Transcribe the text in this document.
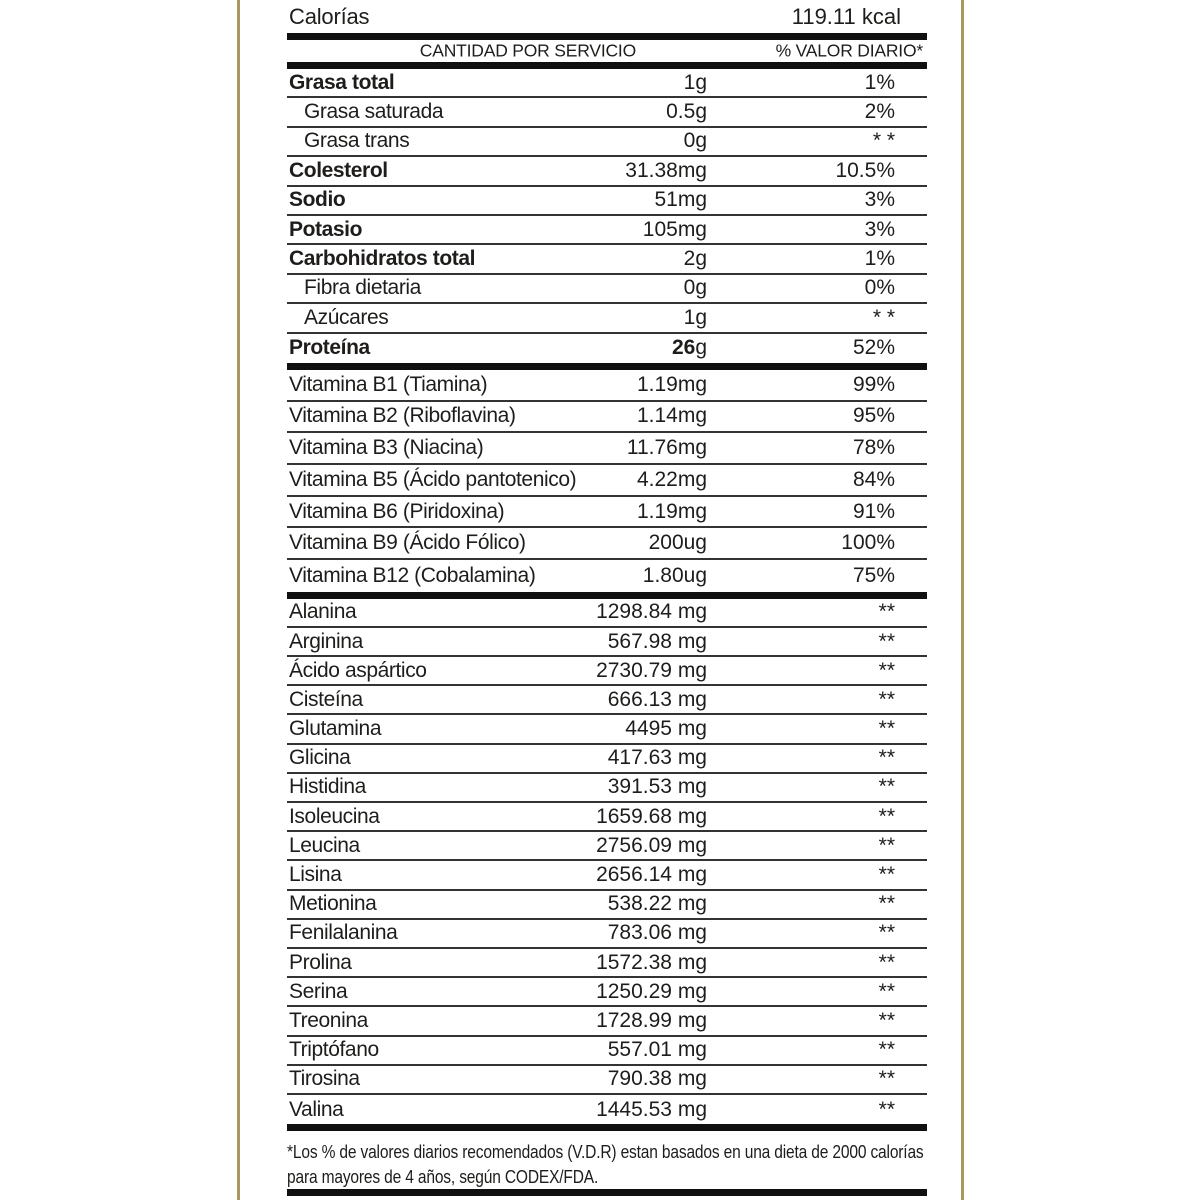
Calorías	119.11 kcal
CANTIDAD POR SERVICIO	% VALOR DIARIO*
Grasa total	1g	1%
Grasa saturada	0.5g	2%
Grasa trans	0g	* *
Colesterol	31.38mg	10.5%
Sodio	51mg	3%
Potasio	105mg	3%
Carbohidratos total	2g	1%
Fibra dietaria	0g	0%
Azúcares	1g	* *
Proteína	26g	52%
Vitamina B1 (Tiamina)	1.19mg	99%
Vitamina B2 (Riboflavina)	1.14mg	95%
Vitamina B3 (Niacina)	11.76mg	78%
Vitamina B5 (Ácido pantotenico)	4.22mg	84%
Vitamina B6 (Piridoxina)	1.19mg	91%
Vitamina B9 (Ácido Fólico)	200ug	100%
Vitamina B12 (Cobalamina)	1.80ug	75%
Alanina	1298.84 mg	**
Arginina	567.98 mg	**
Ácido aspártico	2730.79 mg	**
Cisteína	666.13 mg	**
Glutamina	4495 mg	**
Glicina	417.63 mg	**
Histidina	391.53 mg	**
Isoleucina	1659.68 mg	**
Leucina	2756.09 mg	**
Lisina	2656.14 mg	**
Metionina	538.22 mg	**
Fenilalanina	783.06 mg	**
Prolina	1572.38 mg	**
Serina	1250.29 mg	**
Treonina	1728.99 mg	**
Triptófano	557.01 mg	**
Tirosina	790.38 mg	**
Valina	1445.53 mg	**
*Los % de valores diarios recomendados (V.D.R) estan basados en una dieta de 2000 calorías
para mayores de 4 años, según CODEX/FDA.
